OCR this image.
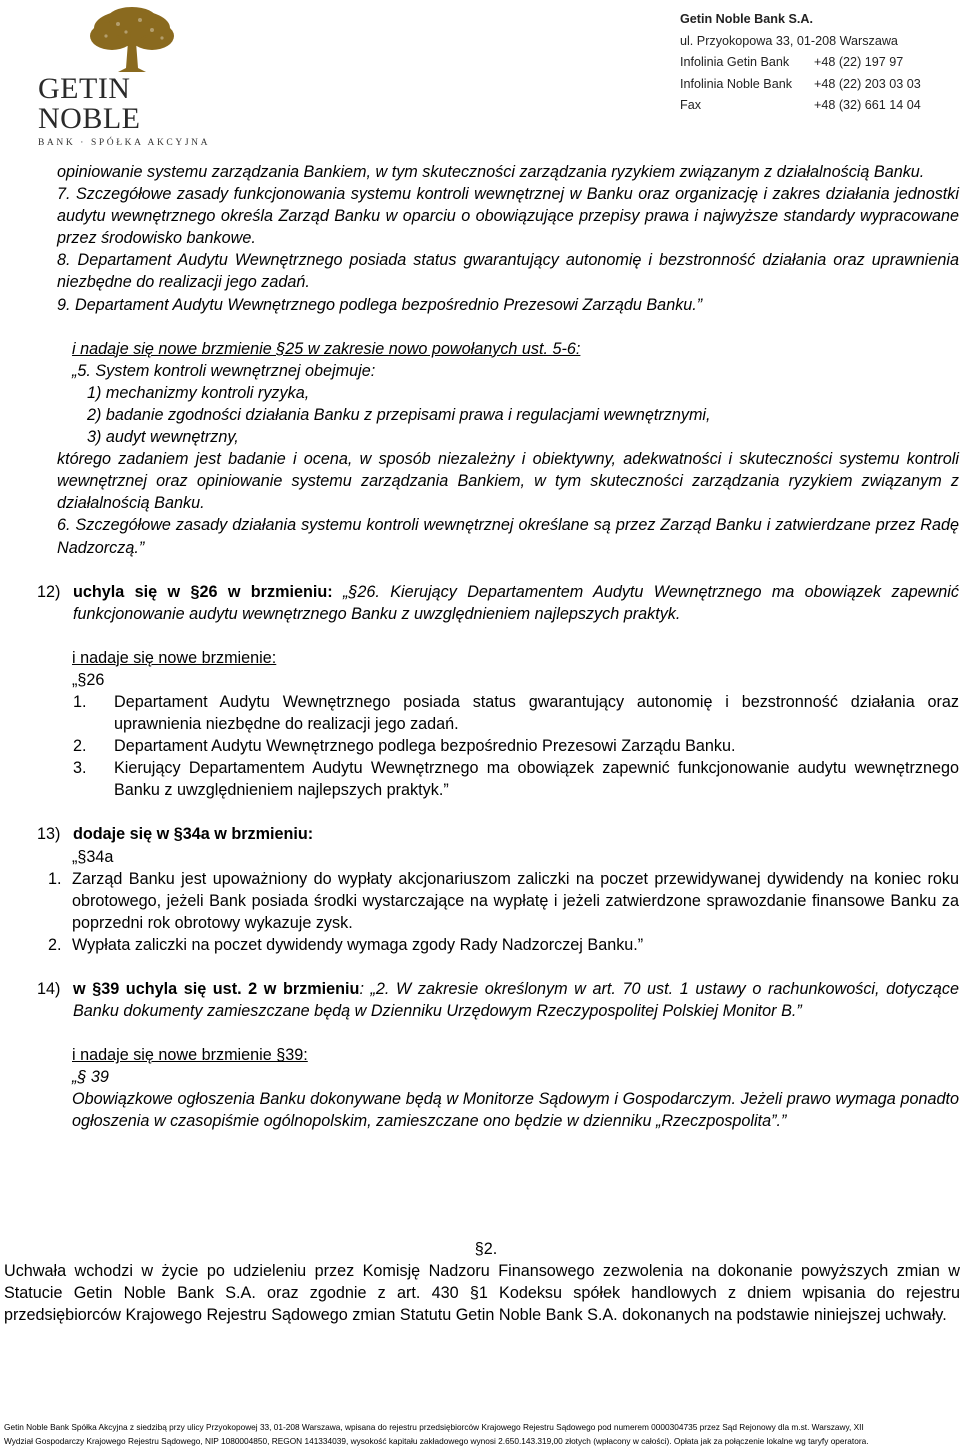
GETIN NOBLE
BANK · SPÓŁKA AKCYJNA
Getin Noble Bank S.A.
ul. Przyokopowa 33, 01-208 Warszawa
Infolinia Getin Bank +48 (22) 197 97
Infolinia Noble Bank +48 (22) 203 03 03
Fax	+48 (32) 661 14 04
opiniowanie systemu zarządzania Bankiem, w tym skuteczności zarządzania ryzykiem związanym z działalnością Banku.
7. Szczegółowe zasady funkcjonowania systemu kontroli wewnętrznej w Banku oraz organizację i zakres działania jednostki audytu wewnętrznego określa Zarząd Banku w oparciu o obowiązujące przepisy prawa i najwyższe standardy wypracowane przez środowisko bankowe.
8. Departament Audytu Wewnętrznego posiada status gwarantujący autonomię i bezstronność działania oraz uprawnienia niezbędne do realizacji jego zadań.
9. Departament Audytu Wewnętrznego podlega bezpośrednio Prezesowi Zarządu Banku.”
i nadaje się nowe brzmienie §25 w zakresie nowo powołanych ust. 5-6:
„5. System kontroli wewnętrznej obejmuje:
1) mechanizmy kontroli ryzyka,
2) badanie zgodności działania Banku z przepisami prawa i regulacjami wewnętrznymi,
3) audyt wewnętrzny,
którego zadaniem jest badanie i ocena, w sposób niezależny i obiektywny, adekwatności i skuteczności systemu kontroli wewnętrznej oraz opiniowanie systemu zarządzania Bankiem, w tym skuteczności zarządzania ryzykiem związanym z działalnością Banku.
6. Szczegółowe zasady działania systemu kontroli wewnętrznej określane są przez Zarząd Banku i zatwierdzane przez Radę Nadzorczą.”
12) uchyla się w §26 w brzmieniu: „§26. Kierujący Departamentem Audytu Wewnętrznego ma obowiązek zapewnić funkcjonowanie audytu wewnętrznego Banku z uwzględnieniem najlepszych praktyk.
i nadaje się nowe brzmienie:
„§26
1.	Departament Audytu Wewnętrznego posiada status gwarantujący autonomię i bezstronność działania oraz uprawnienia niezbędne do realizacji jego zadań.
2.	Departament Audytu Wewnętrznego podlega bezpośrednio Prezesowi Zarządu Banku.
3.	Kierujący Departamentem Audytu Wewnętrznego ma obowiązek zapewnić funkcjonowanie audytu wewnętrznego Banku z uwzględnieniem najlepszych praktyk.”
13) dodaje się w §34a w brzmieniu:
„§34a
1. Zarząd Banku jest upoważniony do wypłaty akcjonariuszom zaliczki na poczet przewidywanej dywidendy na koniec roku obrotowego, jeżeli Bank posiada środki wystarczające na wypłatę i jeżeli zatwierdzone sprawozdanie finansowe Banku za poprzedni rok obrotowy wykazuje zysk.
2. Wypłata zaliczki na poczet dywidendy wymaga zgody Rady Nadzorczej Banku.”
14) w §39 uchyla się ust. 2 w brzmieniu: „2. W zakresie określonym w art. 70 ust. 1 ustawy o rachunkowości, dotyczące Banku dokumenty zamieszczane będą w Dzienniku Urzędowym Rzeczypospolitej Polskiej Monitor B.”
i nadaje się nowe brzmienie §39:
„§ 39
Obowiązkowe ogłoszenia Banku dokonywane będą w Monitorze Sądowym i Gospodarczym. Jeżeli prawo wymaga ponadto ogłoszenia w czasopiśmie ogólnopolskim, zamieszczane ono będzie w dzienniku „Rzeczpospolita”.”
§2.
Uchwała wchodzi w życie po udzieleniu przez Komisję Nadzoru Finansowego zezwolenia na dokonanie powyższych zmian w Statucie Getin Noble Bank S.A. oraz zgodnie z art. 430 §1 Kodeksu spółek handlowych z dniem wpisania do rejestru przedsiębiorców Krajowego Rejestru Sądowego zmian Statutu Getin Noble Bank S.A. dokonanych na podstawie niniejszej uchwały.
Getin Noble Bank Spółka Akcyjna z siedzibą przy ulicy Przyokopowej 33, 01-208 Warszawa, wpisana do rejestru przedsiębiorców Krajowego Rejestru Sądowego pod numerem 0000304735 przez Sąd Rejonowy dla m.st. Warszawy, XII
Wydział Gospodarczy Krajowego Rejestru Sądowego, NIP 1080004850, REGON 141334039, wysokość kapitału zakładowego wynosi 2.650.143.319,00 złotych (wpłacony w całości). Opłata jak za połączenie lokalne wg taryfy operatora.
